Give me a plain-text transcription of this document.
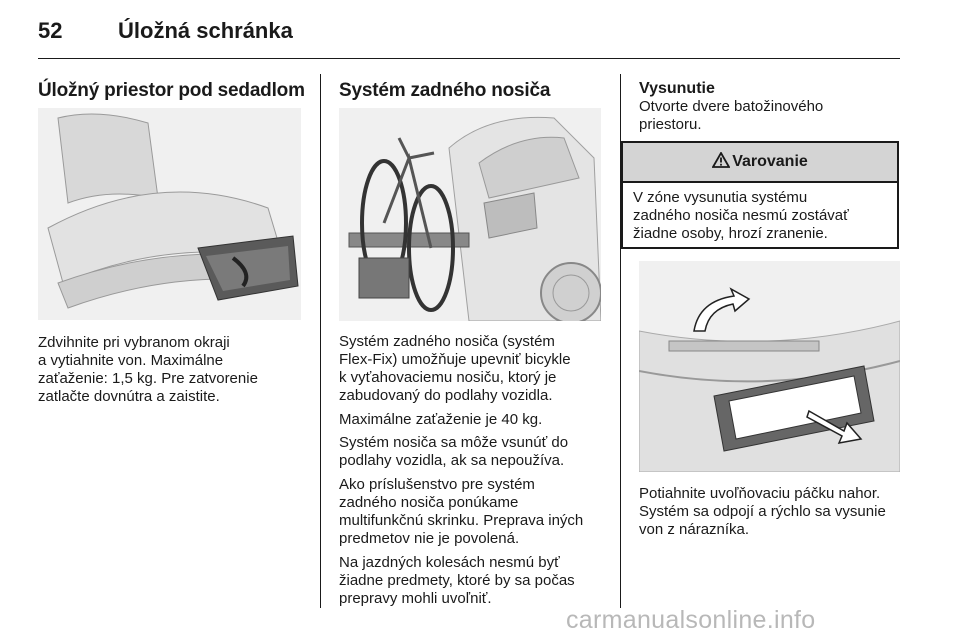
52	Úložná schránka
Úložný priestor pod sedadlom
Zdvihnite pri vybranom okraji
a vytiahnite von. Maximálne
zaťaženie: 1,5 kg. Pre zatvorenie
zatlačte dovnútra a zaistite.
Systém zadného nosiča
Systém zadného nosiča (systém
Flex-Fix) umožňuje upevniť bicykle
k vyťahovaciemu nosiču, ktorý je
zabudovaný do podlahy vozidla.
Maximálne zaťaženie je 40 kg.
Systém nosiča sa môže vsunúť do
podlahy vozidla, ak sa nepoužíva.
Ako príslušenstvo pre systém
zadného nosiča ponúkame
multifunkčnú skrinku. Preprava iných
predmetov nie je povolená.
Na jazdných kolesách nesmú byť
žiadne predmety, ktoré by sa počas
prepravy mohli uvoľniť.
Vysunutie
Otvorte dvere batožinového
priestoru.
Varovanie
V zóne vysunutia systému
zadného nosiča nesmú zostávať
žiadne osoby, hrozí zranenie.
Potiahnite uvoľňovaciu páčku nahor.
Systém sa odpojí a rýchlo sa vysunie
von z nárazníka.
carmanualsonline.info
